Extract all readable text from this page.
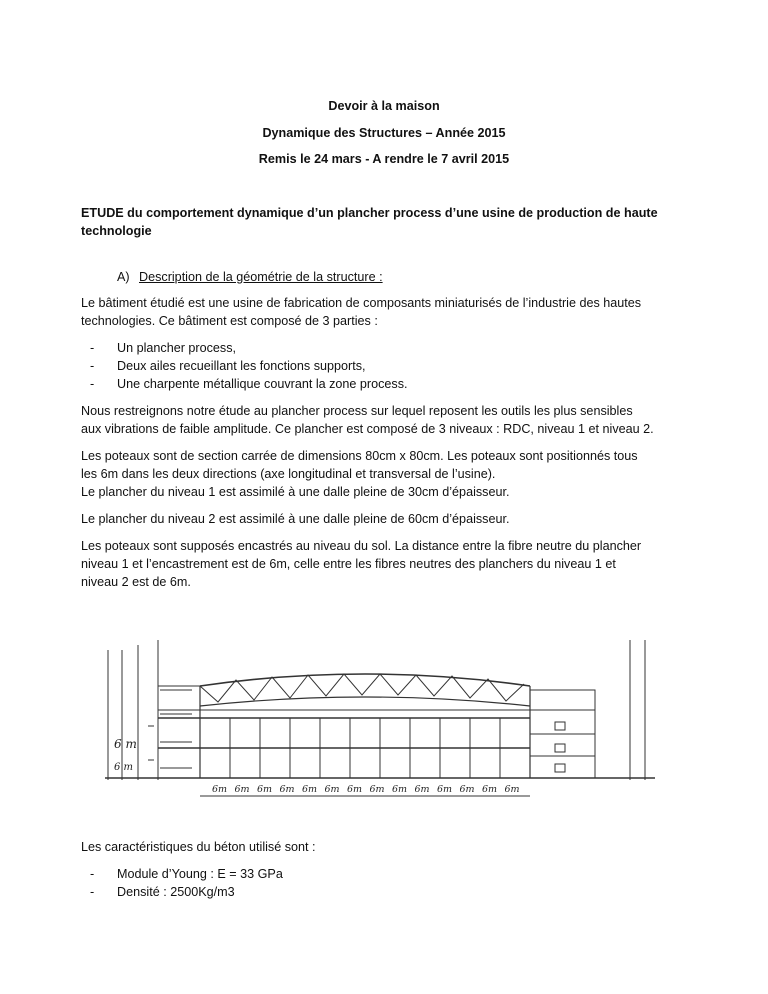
Devoir à la maison
Dynamique des Structures – Année 2015
Remis le 24 mars - A rendre le 7 avril 2015
ETUDE du comportement dynamique d’un plancher process d’une usine de production de haute
technologie
A) Description de la géométrie de la structure :
Le bâtiment étudié est une usine de fabrication de composants miniaturisés de l’industrie des hautes
technologies. Ce bâtiment est composé de 3 parties :
- Un plancher process,
- Deux ailes recueillant les fonctions supports,
- Une charpente métallique couvrant la zone process.
Nous restreignons notre étude au plancher process sur lequel reposent les outils les plus sensibles
aux vibrations de faible amplitude. Ce plancher est composé de 3 niveaux : RDC, niveau 1 et niveau 2.
Les poteaux sont de section carrée de dimensions 80cm x 80cm. Les poteaux sont positionnés tous
les 6m dans les deux directions (axe longitudinal et transversal de l’usine).
Le plancher du niveau 1 est assimilé à une dalle pleine de 30cm d’épaisseur.
Le plancher du niveau 2 est assimilé à une dalle pleine de 60cm d’épaisseur.
Les poteaux sont supposés encastrés au niveau du sol. La distance entre la fibre neutre du plancher
niveau 1 et l’encastrement est de 6m, celle entre les fibres neutres des planchers du niveau 1 et
niveau 2 est de 6m.
6 m
6 m
6m 6m 6m 6m 6m 6m 6m 6m 6m 6m 6m 6m 6m 6m
Les caractéristiques du béton utilisé sont :
- Module d’Young : E = 33 GPa
- Densité : 2500Kg/m3
